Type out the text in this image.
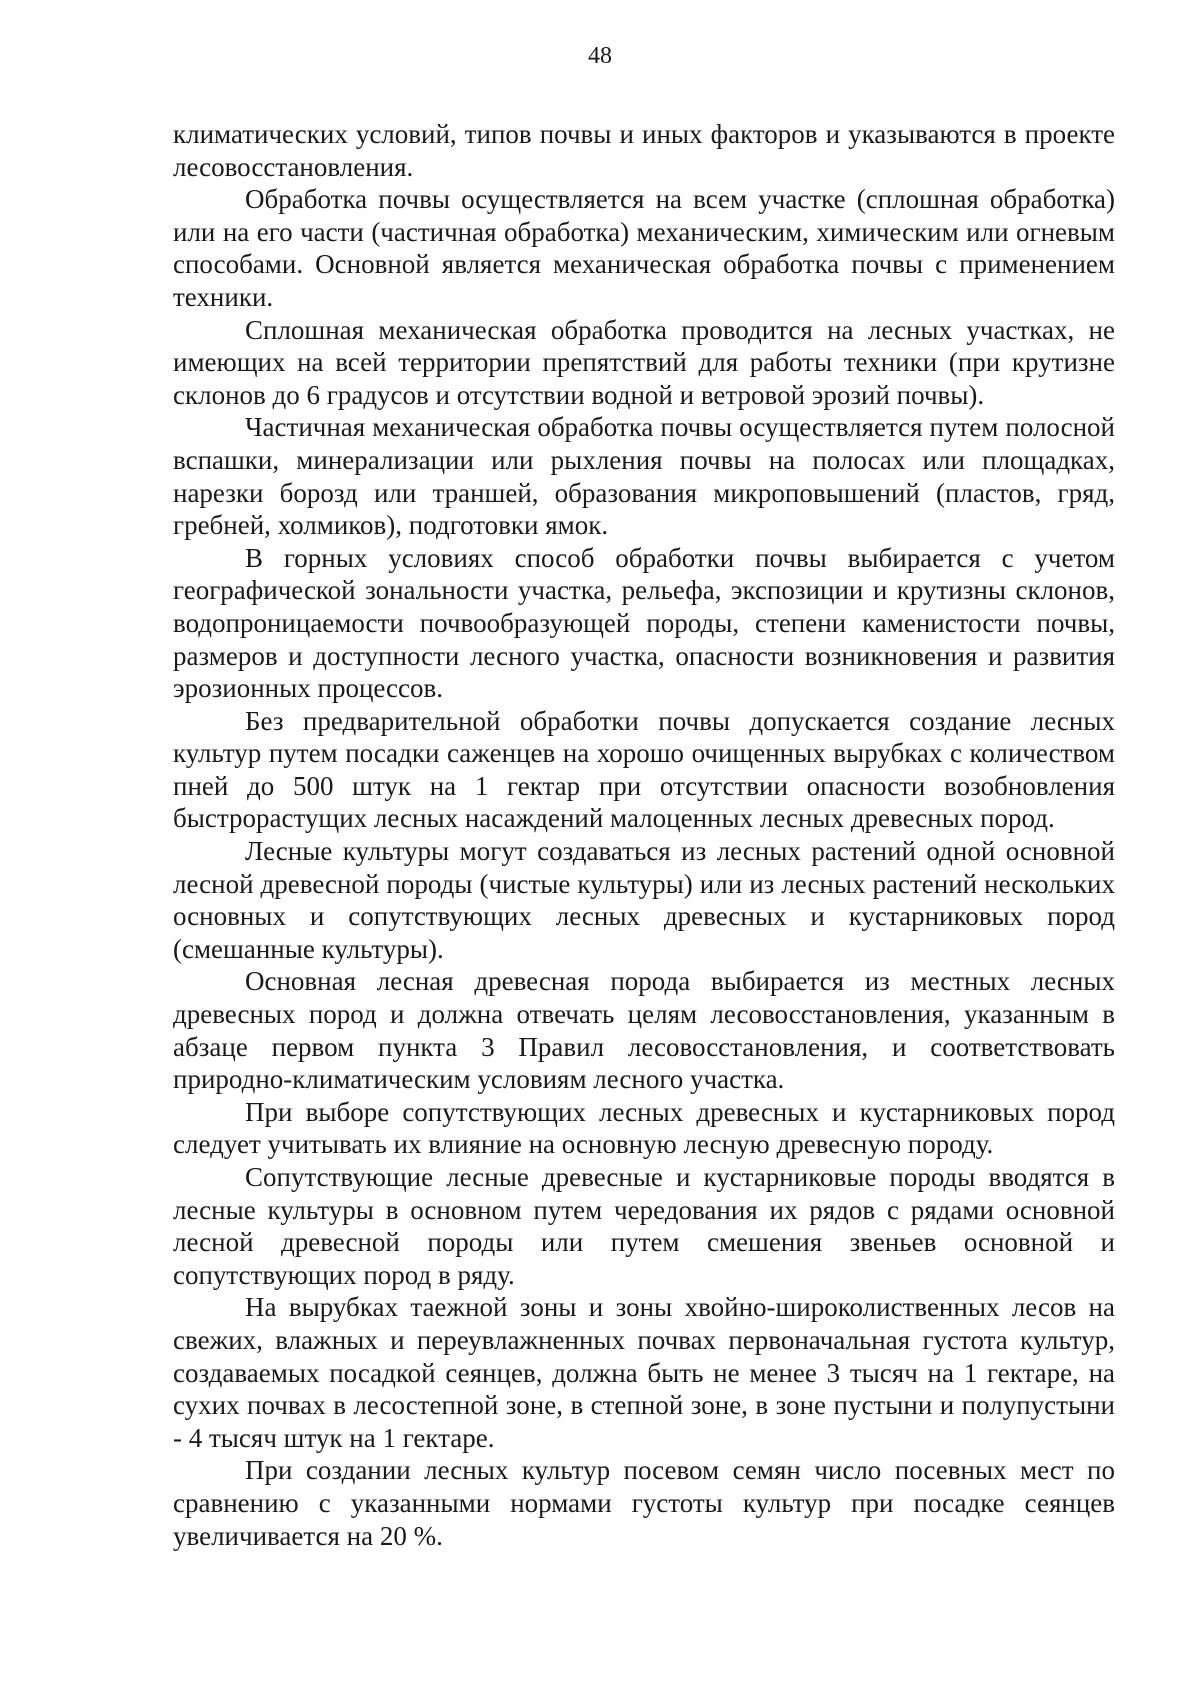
48

климатических условий, типов почвы и иных факторов и указываются в проекте лесовосстановления.

Обработка почвы осуществляется на всем участке (сплошная обработка) или на его части (частичная обработка) механическим, химическим или огневым способами. Основной является механическая обработка почвы с применением техники.

Сплошная механическая обработка проводится на лесных участках, не имеющих на всей территории препятствий для работы техники (при крутизне склонов до 6 градусов и отсутствии водной и ветровой эрозий почвы).

Частичная механическая обработка почвы осуществляется путем полосной вспашки, минерализации или рыхления почвы на полосах или площадках, нарезки борозд или траншей, образования микроповышений (пластов, гряд, гребней, холмиков), подготовки ямок.

В горных условиях способ обработки почвы выбирается с учетом географической зональности участка, рельефа, экспозиции и крутизны склонов, водопроницаемости почвообразующей породы, степени каменистости почвы, размеров и доступности лесного участка, опасности возникновения и развития эрозионных процессов.

Без предварительной обработки почвы допускается создание лесных культур путем посадки саженцев на хорошо очищенных вырубках с количеством пней до 500 штук на 1 гектар при отсутствии опасности возобновления быстрорастущих лесных насаждений малоценных лесных древесных пород.

Лесные культуры могут создаваться из лесных растений одной основной лесной древесной породы (чистые культуры) или из лесных растений нескольких основных и сопутствующих лесных древесных и кустарниковых пород (смешанные культуры).

Основная лесная древесная порода выбирается из местных лесных древесных пород и должна отвечать целям лесовосстановления, указанным в абзаце первом пункта 3 Правил лесовосстановления, и соответствовать природно-климатическим условиям лесного участка.

При выборе сопутствующих лесных древесных и кустарниковых пород следует учитывать их влияние на основную лесную древесную породу.

Сопутствующие лесные древесные и кустарниковые породы вводятся в лесные культуры в основном путем чередования их рядов с рядами основной лесной древесной породы или путем смешения звеньев основной и сопутствующих пород в ряду.

На вырубках таежной зоны и зоны хвойно-широколиственных лесов на свежих, влажных и переувлажненных почвах первоначальная густота культур, создаваемых посадкой сеянцев, должна быть не менее 3 тысяч на 1 гектаре, на сухих почвах в лесостепной зоне, в степной зоне, в зоне пустыни и полупустыни - 4 тысяч штук на 1 гектаре.

При создании лесных культур посевом семян число посевных мест по сравнению с указанными нормами густоты культур при посадке сеянцев увеличивается на 20 %.
